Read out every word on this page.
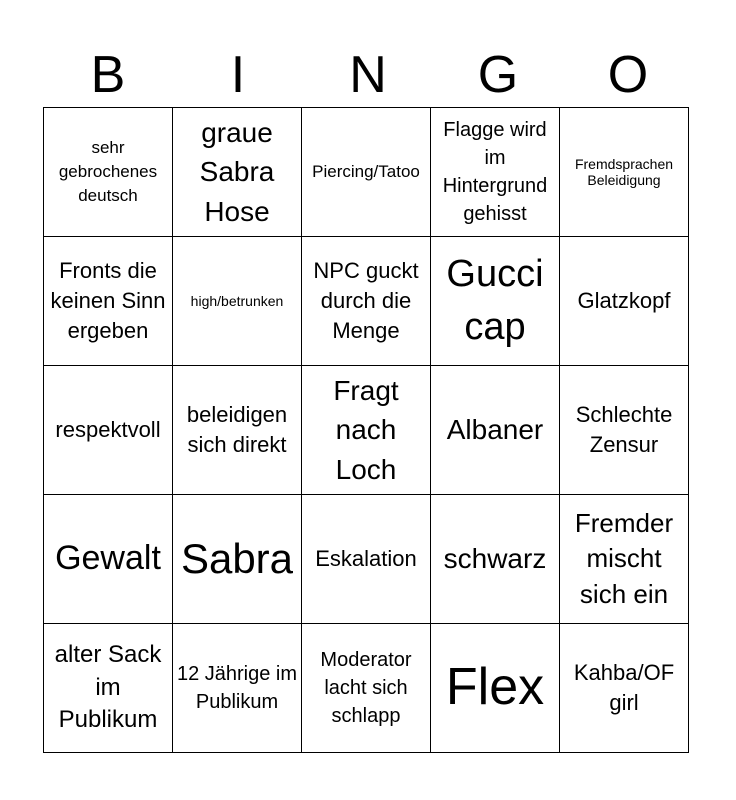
B	I	N	G	O
sehr gebrochenes deutsch	graue Sabra Hose	Piercing/Tatoo	Flagge wird im Hintergrund gehisst	Fremdsprachen Beleidigung
Fronts die keinen Sinn ergeben	high/betrunken	NPC guckt durch die Menge	Gucci cap	Glatzkopf
respektvoll	beleidigen sich direkt	Fragt nach Loch	Albaner	Schlechte Zensur
Gewalt	Sabra	Eskalation	schwarz	Fremder mischt sich ein
alter Sack im Publikum	12 Jährige im Publikum	Moderator lacht sich schlapp	Flex	Kahba/OF girl
